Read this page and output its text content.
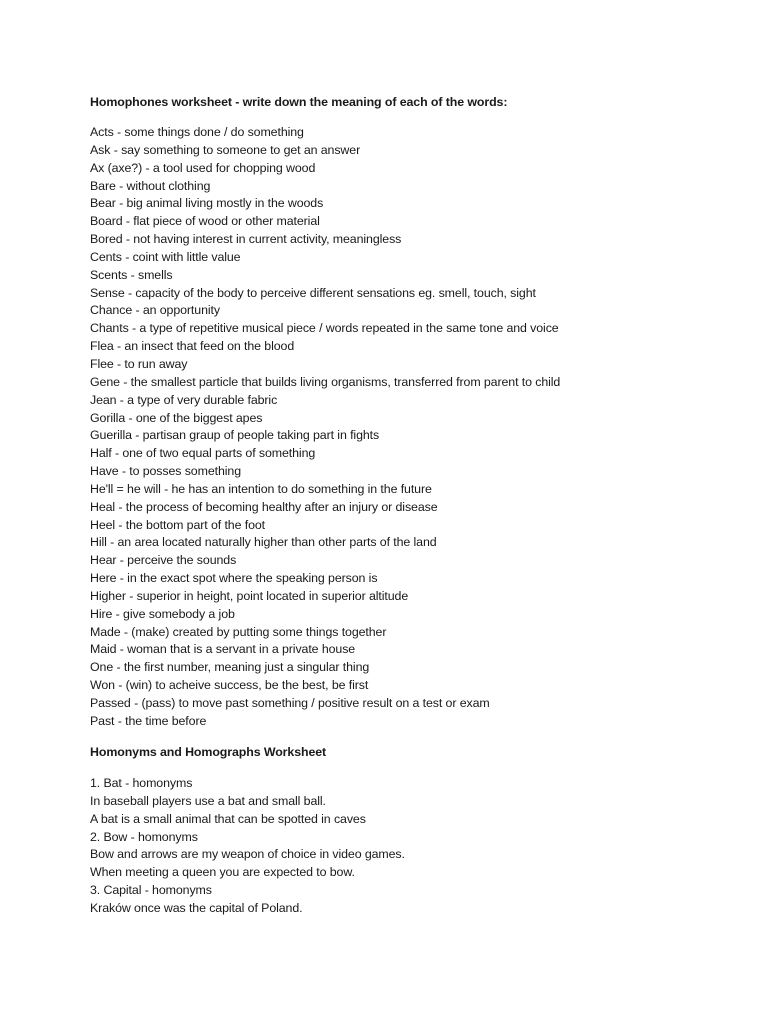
Homophones worksheet - write down the meaning of each of the words:
Acts - some things done / do something
Ask - say something to someone to get an answer
Ax (axe?) - a tool used for chopping wood
Bare - without clothing
Bear - big animal living mostly in the woods
Board - flat piece of wood or other material
Bored - not having interest in current activity, meaningless
Cents - coint with little value
Scents - smells
Sense - capacity of the body to perceive different sensations eg. smell, touch, sight
Chance - an opportunity
Chants - a type of repetitive musical piece / words repeated in the same tone and voice
Flea - an insect that feed on the blood
Flee - to run away
Gene - the smallest particle that builds living organisms, transferred from parent to child
Jean - a type of very durable fabric
Gorilla - one of the biggest apes
Guerilla - partisan graup of people taking part in fights
Half - one of two equal parts of something
Have - to posses something
He'll = he will - he has an intention to do something in the future
Heal - the process of becoming healthy after an injury or disease
Heel - the bottom part of the foot
Hill - an area located naturally higher than other parts of the land
Hear - perceive the sounds
Here - in the exact spot where the speaking person is
Higher - superior in height, point located in superior altitude
Hire - give somebody a job
Made - (make) created by putting some things together
Maid - woman that is a servant in a private house
One - the first number, meaning just a singular thing
Won - (win) to acheive success, be the best, be first
Passed - (pass) to move past something / positive result on a test or exam
Past - the time before
Homonyms and Homographs Worksheet
1. Bat - homonyms
In baseball players use a bat and small ball.
A bat is a small animal that can be spotted in caves
2. Bow - homonyms
Bow and arrows are my weapon of choice in video games.
When meeting a queen you are expected to bow.
3. Capital - homonyms
Kraków once was the capital of Poland.
